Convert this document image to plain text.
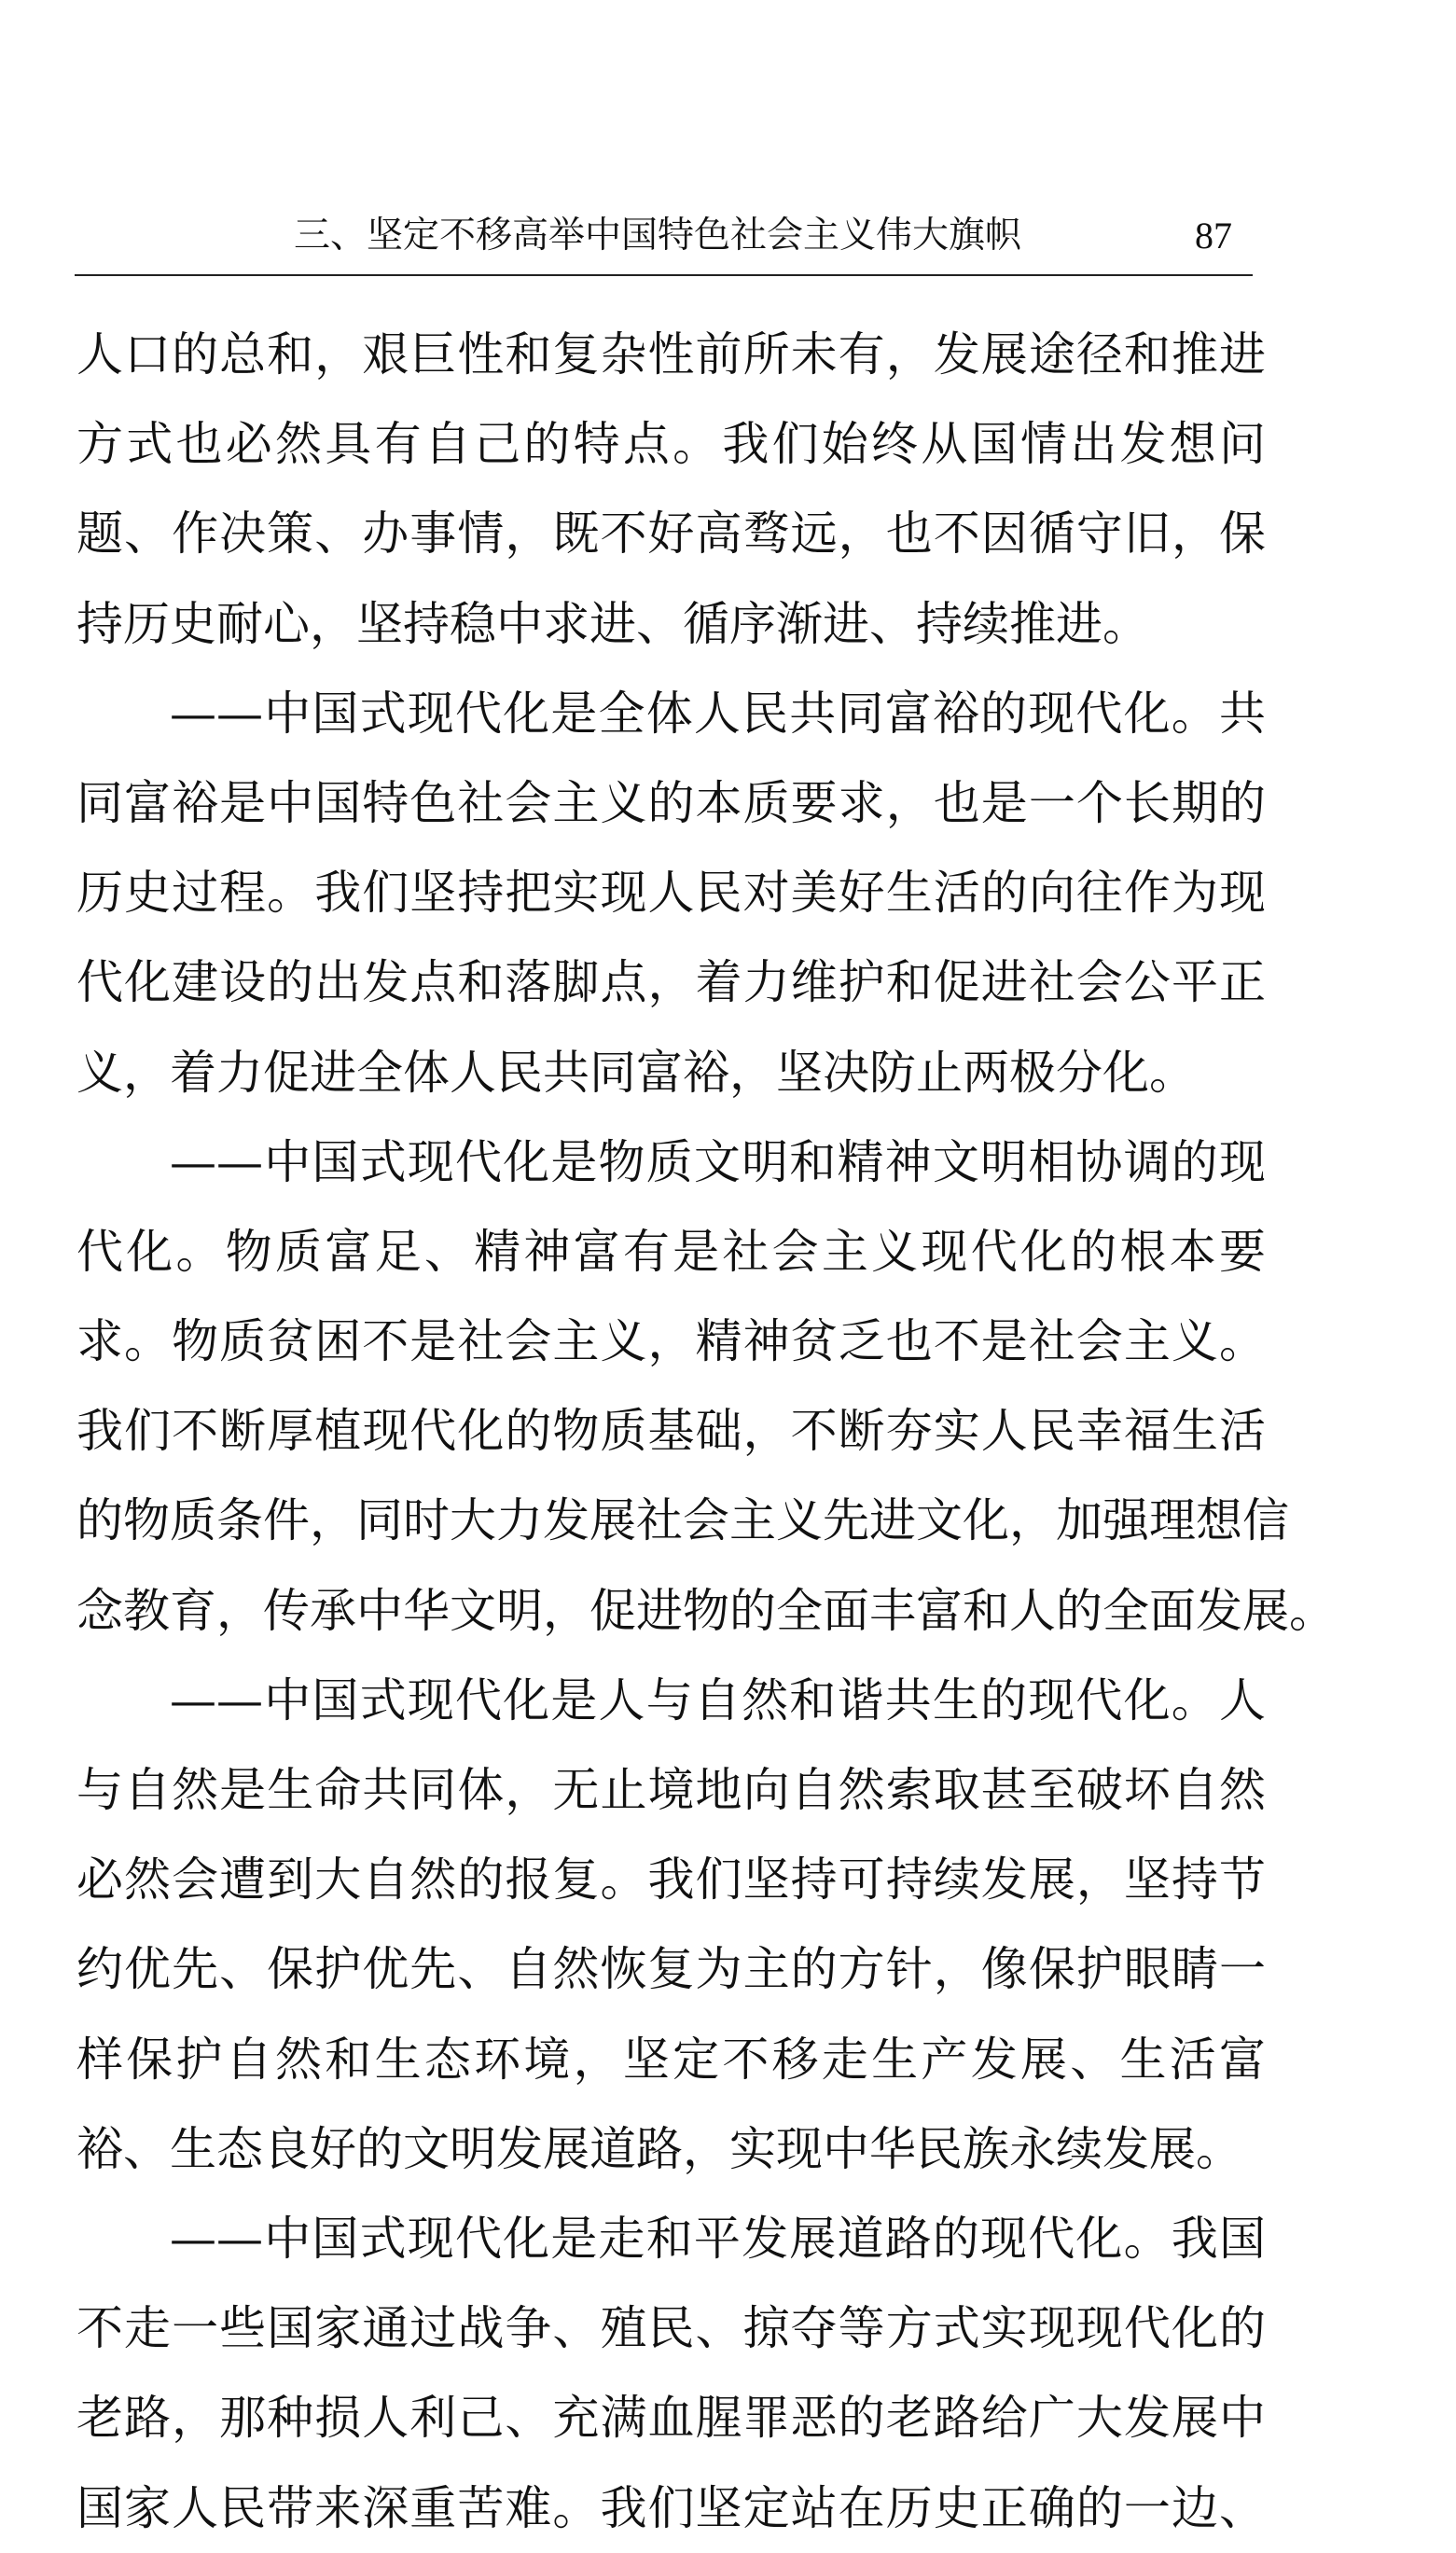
三、坚定不移高举中国特色社会主义伟大旗帜	87
人口的总和，艰巨性和复杂性前所未有，发展途径和推进
方式也必然具有自己的特点。我们始终从国情出发想问
题、作决策、办事情，既不好高骛远，也不因循守旧，保
持历史耐心，坚持稳中求进、循序渐进、持续推进。
——中国式现代化是全体人民共同富裕的现代化。共
同富裕是中国特色社会主义的本质要求，也是一个长期的
历史过程。我们坚持把实现人民对美好生活的向往作为现
代化建设的出发点和落脚点，着力维护和促进社会公平正
义，着力促进全体人民共同富裕，坚决防止两极分化。
——中国式现代化是物质文明和精神文明相协调的现
代化。物质富足、精神富有是社会主义现代化的根本要
求。物质贫困不是社会主义，精神贫乏也不是社会主义。
我们不断厚植现代化的物质基础，不断夯实人民幸福生活
的物质条件，同时大力发展社会主义先进文化，加强理想信
念教育，传承中华文明，促进物的全面丰富和人的全面发展。
——中国式现代化是人与自然和谐共生的现代化。人
与自然是生命共同体，无止境地向自然索取甚至破坏自然
必然会遭到大自然的报复。我们坚持可持续发展，坚持节
约优先、保护优先、自然恢复为主的方针，像保护眼睛一
样保护自然和生态环境，坚定不移走生产发展、生活富
裕、生态良好的文明发展道路，实现中华民族永续发展。
——中国式现代化是走和平发展道路的现代化。我国
不走一些国家通过战争、殖民、掠夺等方式实现现代化的
老路，那种损人利己、充满血腥罪恶的老路给广大发展中
国家人民带来深重苦难。我们坚定站在历史正确的一边、
